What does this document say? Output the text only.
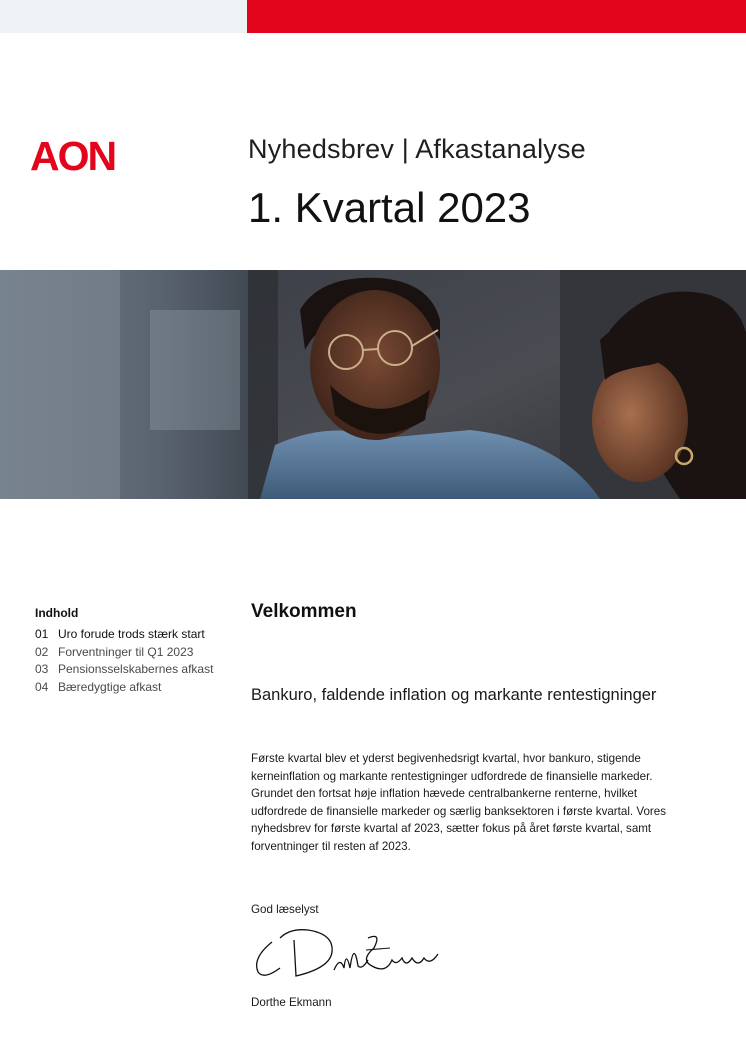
AON	Nyhedsbrev | Afkastanalyse
1. Kvartal 2023
Indhold
01 Uro forude trods stærk start
02 Forventninger til Q1 2023
03 Pensionsselskabernes afkast
04 Bæredygtige afkast
Velkommen
Bankuro, faldende inflation og markante rentestigninger
Første kvartal blev et yderst begivenhedsrigt kvartal, hvor bankuro, stigende kerneinflation og markante rentestigninger udfordrede de finansielle markeder. Grundet den fortsat høje inflation hævede centralbankerne renterne, hvilket udfordrede de finansielle markeder og særlig banksektoren i første kvartal. Vores nyhedsbrev for første kvartal af 2023, sætter fokus på året første kvartal, samt forventninger til resten af 2023.
God læselyst
Dorthe Ekmann
